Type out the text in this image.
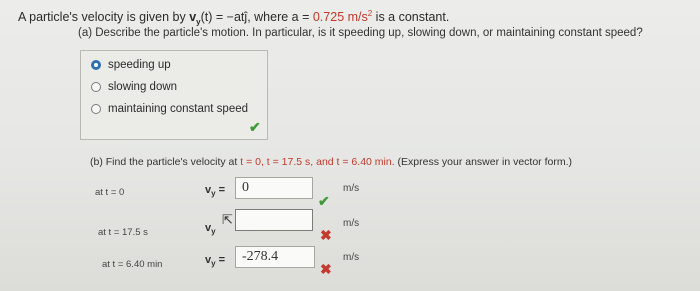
A particle's velocity is given by $v_y(t)$ = −atĵ, where a = 0.725 $m/s^2$ is a constant.
(a) Describe the particle's motion. In particular, is it speeding up, slowing down, or maintaining constant speed?
speeding up
slowing down
maintaining constant speed
✔
(b) Find the particle's velocity at t = 0, t = 17.5 s, and t = 6.40 min. (Express your answer in vector form.)
at t = 0	$v_y$ =	0
✔
m/s
at t = 17.5 s	$v_y$
⇱
✖
m/s
at t = 6.40 min	$v_y$ =	-278.4
✖
m/s
